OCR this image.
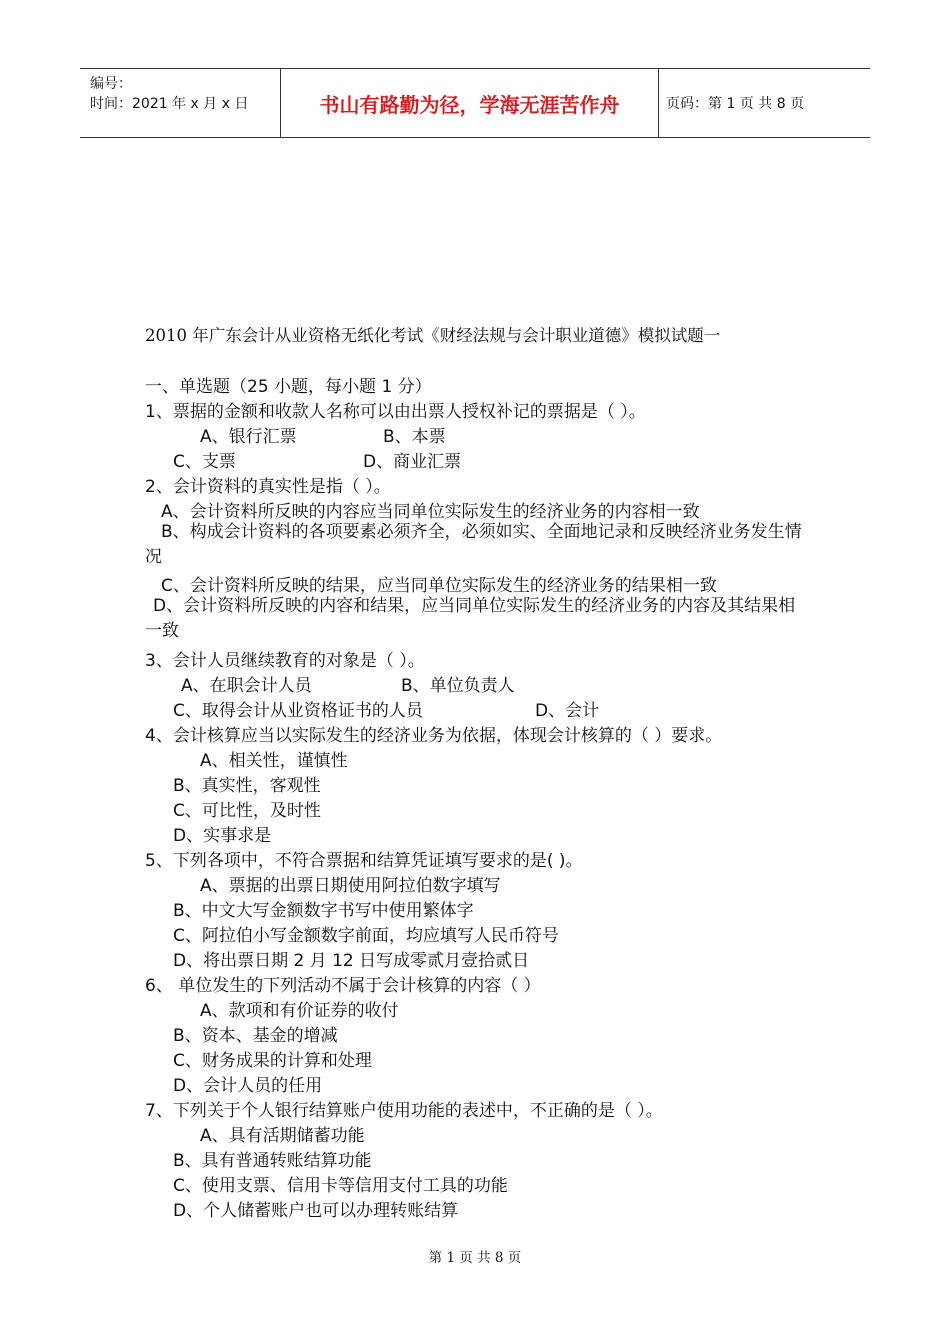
编号：
时间：2021 年 x 月 x 日	书山有路勤为径，学海无涯苦作舟	页码：第 1 页 共 8 页
2010 年广东会计从业资格无纸化考试《财经法规与会计职业道德》模拟试题一
一、单选题（25 小题，每小题 1 分）
1、票据的金额和收款人名称可以由出票人授权补记的票据是（ ）。
A、银行汇票	B、本票
C、支票	D、商业汇票
2、会计资料的真实性是指（ ）。
A、会计资料所反映的内容应当同单位实际发生的经济业务的内容相一致
B、构成会计资料的各项要素必须齐全，必须如实、全面地记录和反映经济业务发生情况
C、会计资料所反映的结果，应当同单位实际发生的经济业务的结果相一致
D、会计资料所反映的内容和结果，应当同单位实际发生的经济业务的内容及其结果相一致
3、会计人员继续教育的对象是（ ）。
A、在职会计人员	B、单位负责人
C、取得会计从业资格证书的人员	D、会计
4、会计核算应当以实际发生的经济业务为依据，体现会计核算的（ ）要求。
A、相关性，谨慎性
B、真实性，客观性
C、可比性，及时性
D、实事求是
5、下列各项中，不符合票据和结算凭证填写要求的是( )。
A、票据的出票日期使用阿拉伯数字填写
B、中文大写金额数字书写中使用繁体字
C、阿拉伯小写金额数字前面，均应填写人民币符号
D、将出票日期 2 月 12 日写成零贰月壹拾贰日
6、 单位发生的下列活动不属于会计核算的内容（ ）
A、款项和有价证券的收付
B、资本、基金的增减
C、财务成果的计算和处理
D、会计人员的任用
7、下列关于个人银行结算账户使用功能的表述中，不正确的是（ ）。
A、具有活期储蓄功能
B、具有普通转账结算功能
C、使用支票、信用卡等信用支付工具的功能
D、个人储蓄账户也可以办理转账结算
第 1 页 共 8 页
